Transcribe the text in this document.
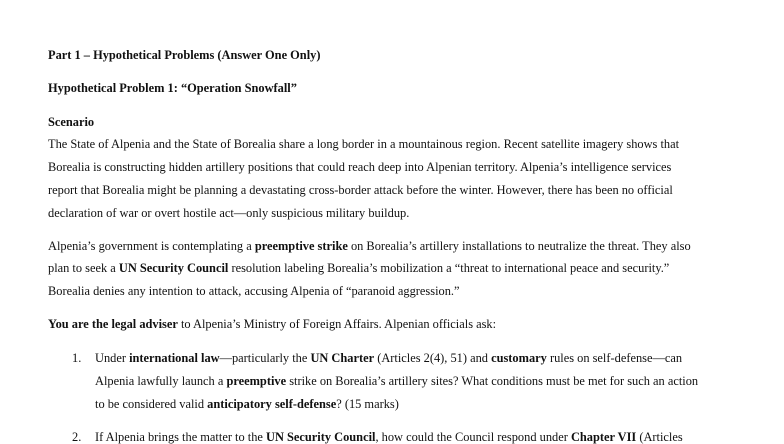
Part 1 – Hypothetical Problems (Answer One Only)
Hypothetical Problem 1: “Operation Snowfall”
Scenario
The State of Alpenia and the State of Borealia share a long border in a mountainous region. Recent satellite imagery shows that
Borealia is constructing hidden artillery positions that could reach deep into Alpenian territory. Alpenia’s intelligence services
report that Borealia might be planning a devastating cross-border attack before the winter. However, there has been no official
declaration of war or overt hostile act—only suspicious military buildup.
Alpenia’s government is contemplating a preemptive strike on Borealia’s artillery installations to neutralize the threat. They also
plan to seek a UN Security Council resolution labeling Borealia’s mobilization a “threat to international peace and security.”
Borealia denies any intention to attack, accusing Alpenia of “paranoid aggression.”
You are the legal adviser to Alpenia’s Ministry of Foreign Affairs. Alpenian officials ask:
1. Under international law—particularly the UN Charter (Articles 2(4), 51) and customary rules on self-defense—can
Alpenia lawfully launch a preemptive strike on Borealia’s artillery sites? What conditions must be met for such an action
to be considered valid anticipatory self-defense? (15 marks)
2. If Alpenia brings the matter to the UN Security Council, how could the Council respond under Chapter VII (Articles
